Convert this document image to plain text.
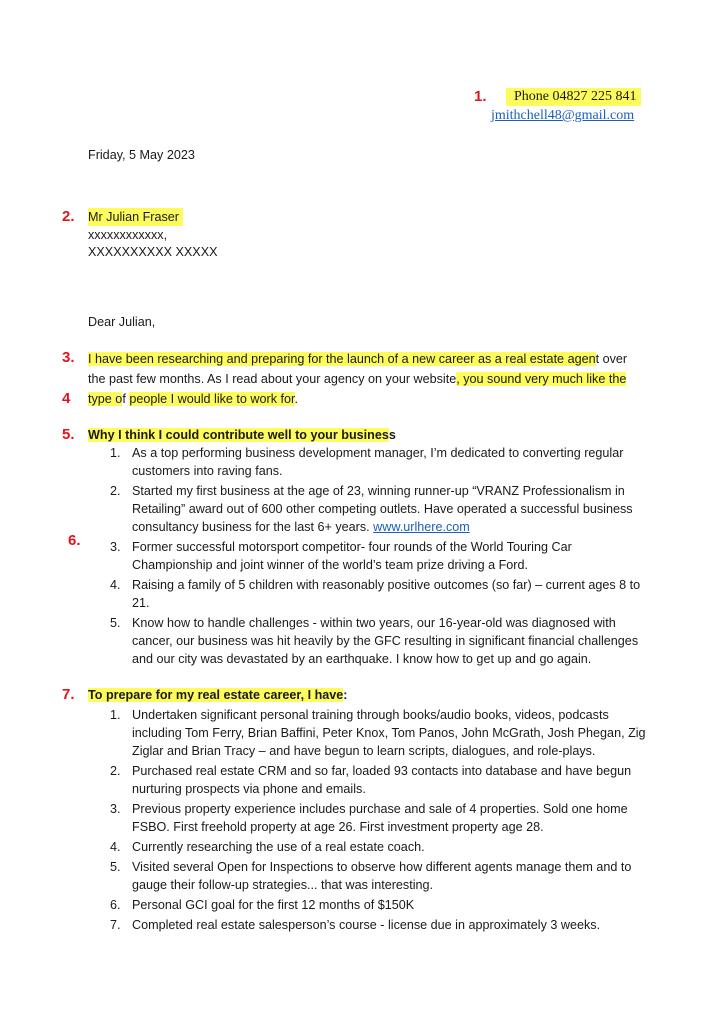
1.	Phone 04827 225 841
jmithchell48@gmail.com
Friday, 5 May 2023
2. Mr Julian Fraser
xxxxxxxxxxxx,
XXXXXXXXXX XXXXX
Dear Julian,
3.
4
I have been researching and preparing for the launch of a new career as a real estate agent over the past few months. As I read about your agency on your website, you sound very much like the type of people I would like to work for.
5. Why I think I could contribute well to your business
6.
1. As a top performing business development manager, I’m dedicated to converting regular customers into raving fans.
2. Started my first business at the age of 23, winning runner-up “VRANZ Professionalism in Retailing” award out of 600 other competing outlets. Have operated a successful business consultancy business for the last 6+ years. www.urlhere.com
3. Former successful motorsport competitor- four rounds of the World Touring Car Championship and joint winner of the world’s team prize driving a Ford.
4. Raising a family of 5 children with reasonably positive outcomes (so far) – current ages 8 to 21.
5. Know how to handle challenges - within two years, our 16-year-old was diagnosed with cancer, our business was hit heavily by the GFC resulting in significant financial challenges and our city was devastated by an earthquake. I know how to get up and go again.
7. To prepare for my real estate career, I have:
1. Undertaken significant personal training through books/audio books, videos, podcasts including Tom Ferry, Brian Baffini, Peter Knox, Tom Panos, John McGrath, Josh Phegan, Zig Ziglar and Brian Tracy – and have begun to learn scripts, dialogues, and role-plays.
2. Purchased real estate CRM and so far, loaded 93 contacts into database and have begun nurturing prospects via phone and emails.
3. Previous property experience includes purchase and sale of 4 properties. Sold one home FSBO. First freehold property at age 26. First investment property age 28.
4. Currently researching the use of a real estate coach.
5. Visited several Open for Inspections to observe how different agents manage them and to gauge their follow-up strategies... that was interesting.
6. Personal GCI goal for the first 12 months of $150K
7. Completed real estate salesperson’s course - license due in approximately 3 weeks.
